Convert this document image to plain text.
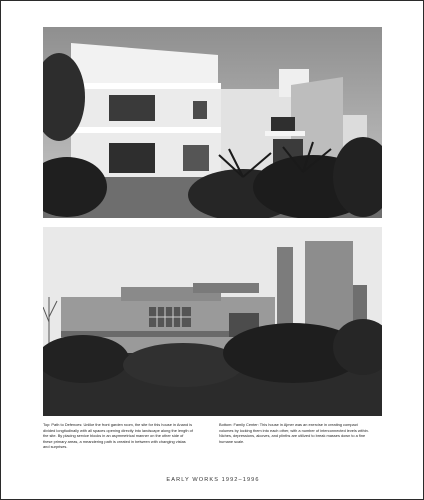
Top: Path to Defences: Unlike the front garden room, the site for this house in Anand is divided longitudinally with all spaces opening directly into landscape along the length of the site. By placing service blocks in an asymmetrical manner on the other side of these primary areas, a meandering path is created in between with changing vistas and surprises.
Bottom: Family Center: This house in Ajmer was an exercise in creating compact volumes by locking them into each other, with a number of interconnected levels within. Niches, depressions, alcoves, and plinths are utilized to break masses down to a fine humane scale.
EARLY WORKS 1992–1996
